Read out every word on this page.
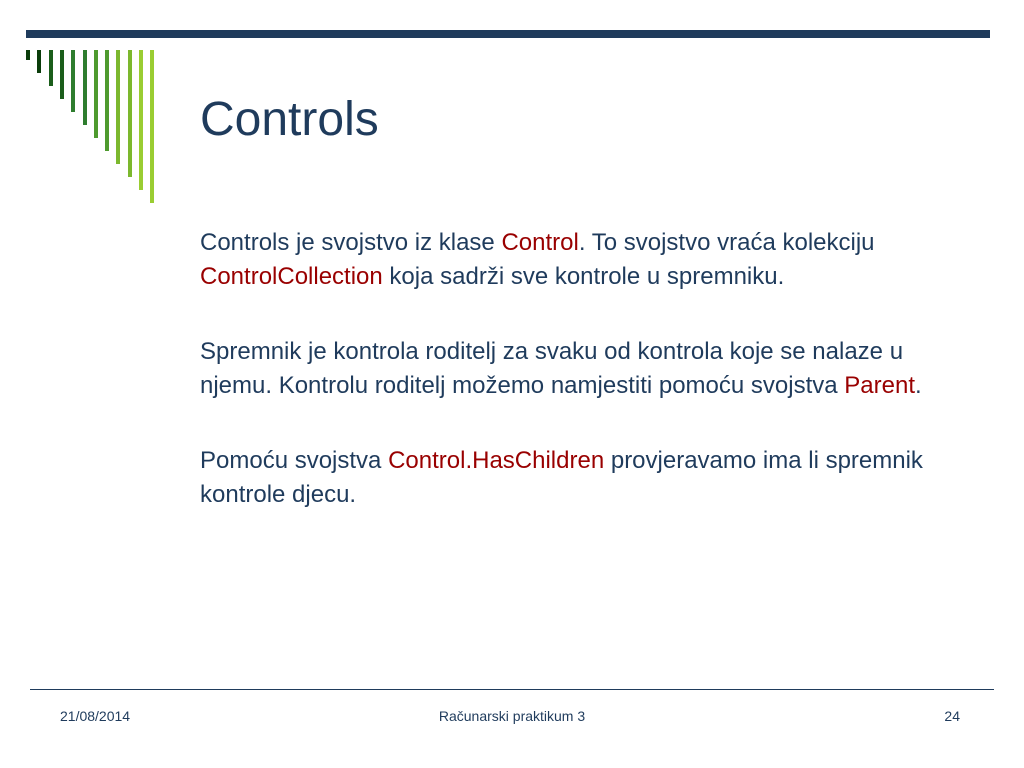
Controls

Controls je svojstvo iz klase Control. To svojstvo vraća kolekciju ControlCollection koja sadrži sve kontrole u spremniku.

Spremnik je kontrola roditelj za svaku od kontrola koje se nalaze u njemu. Kontrolu roditelj možemo namjestiti pomoću svojstva Parent.

Pomoću svojstva Control.HasChildren provjeravamo ima li spremnik kontrole djecu.

21/08/2014	Računarski praktikum 3	24
